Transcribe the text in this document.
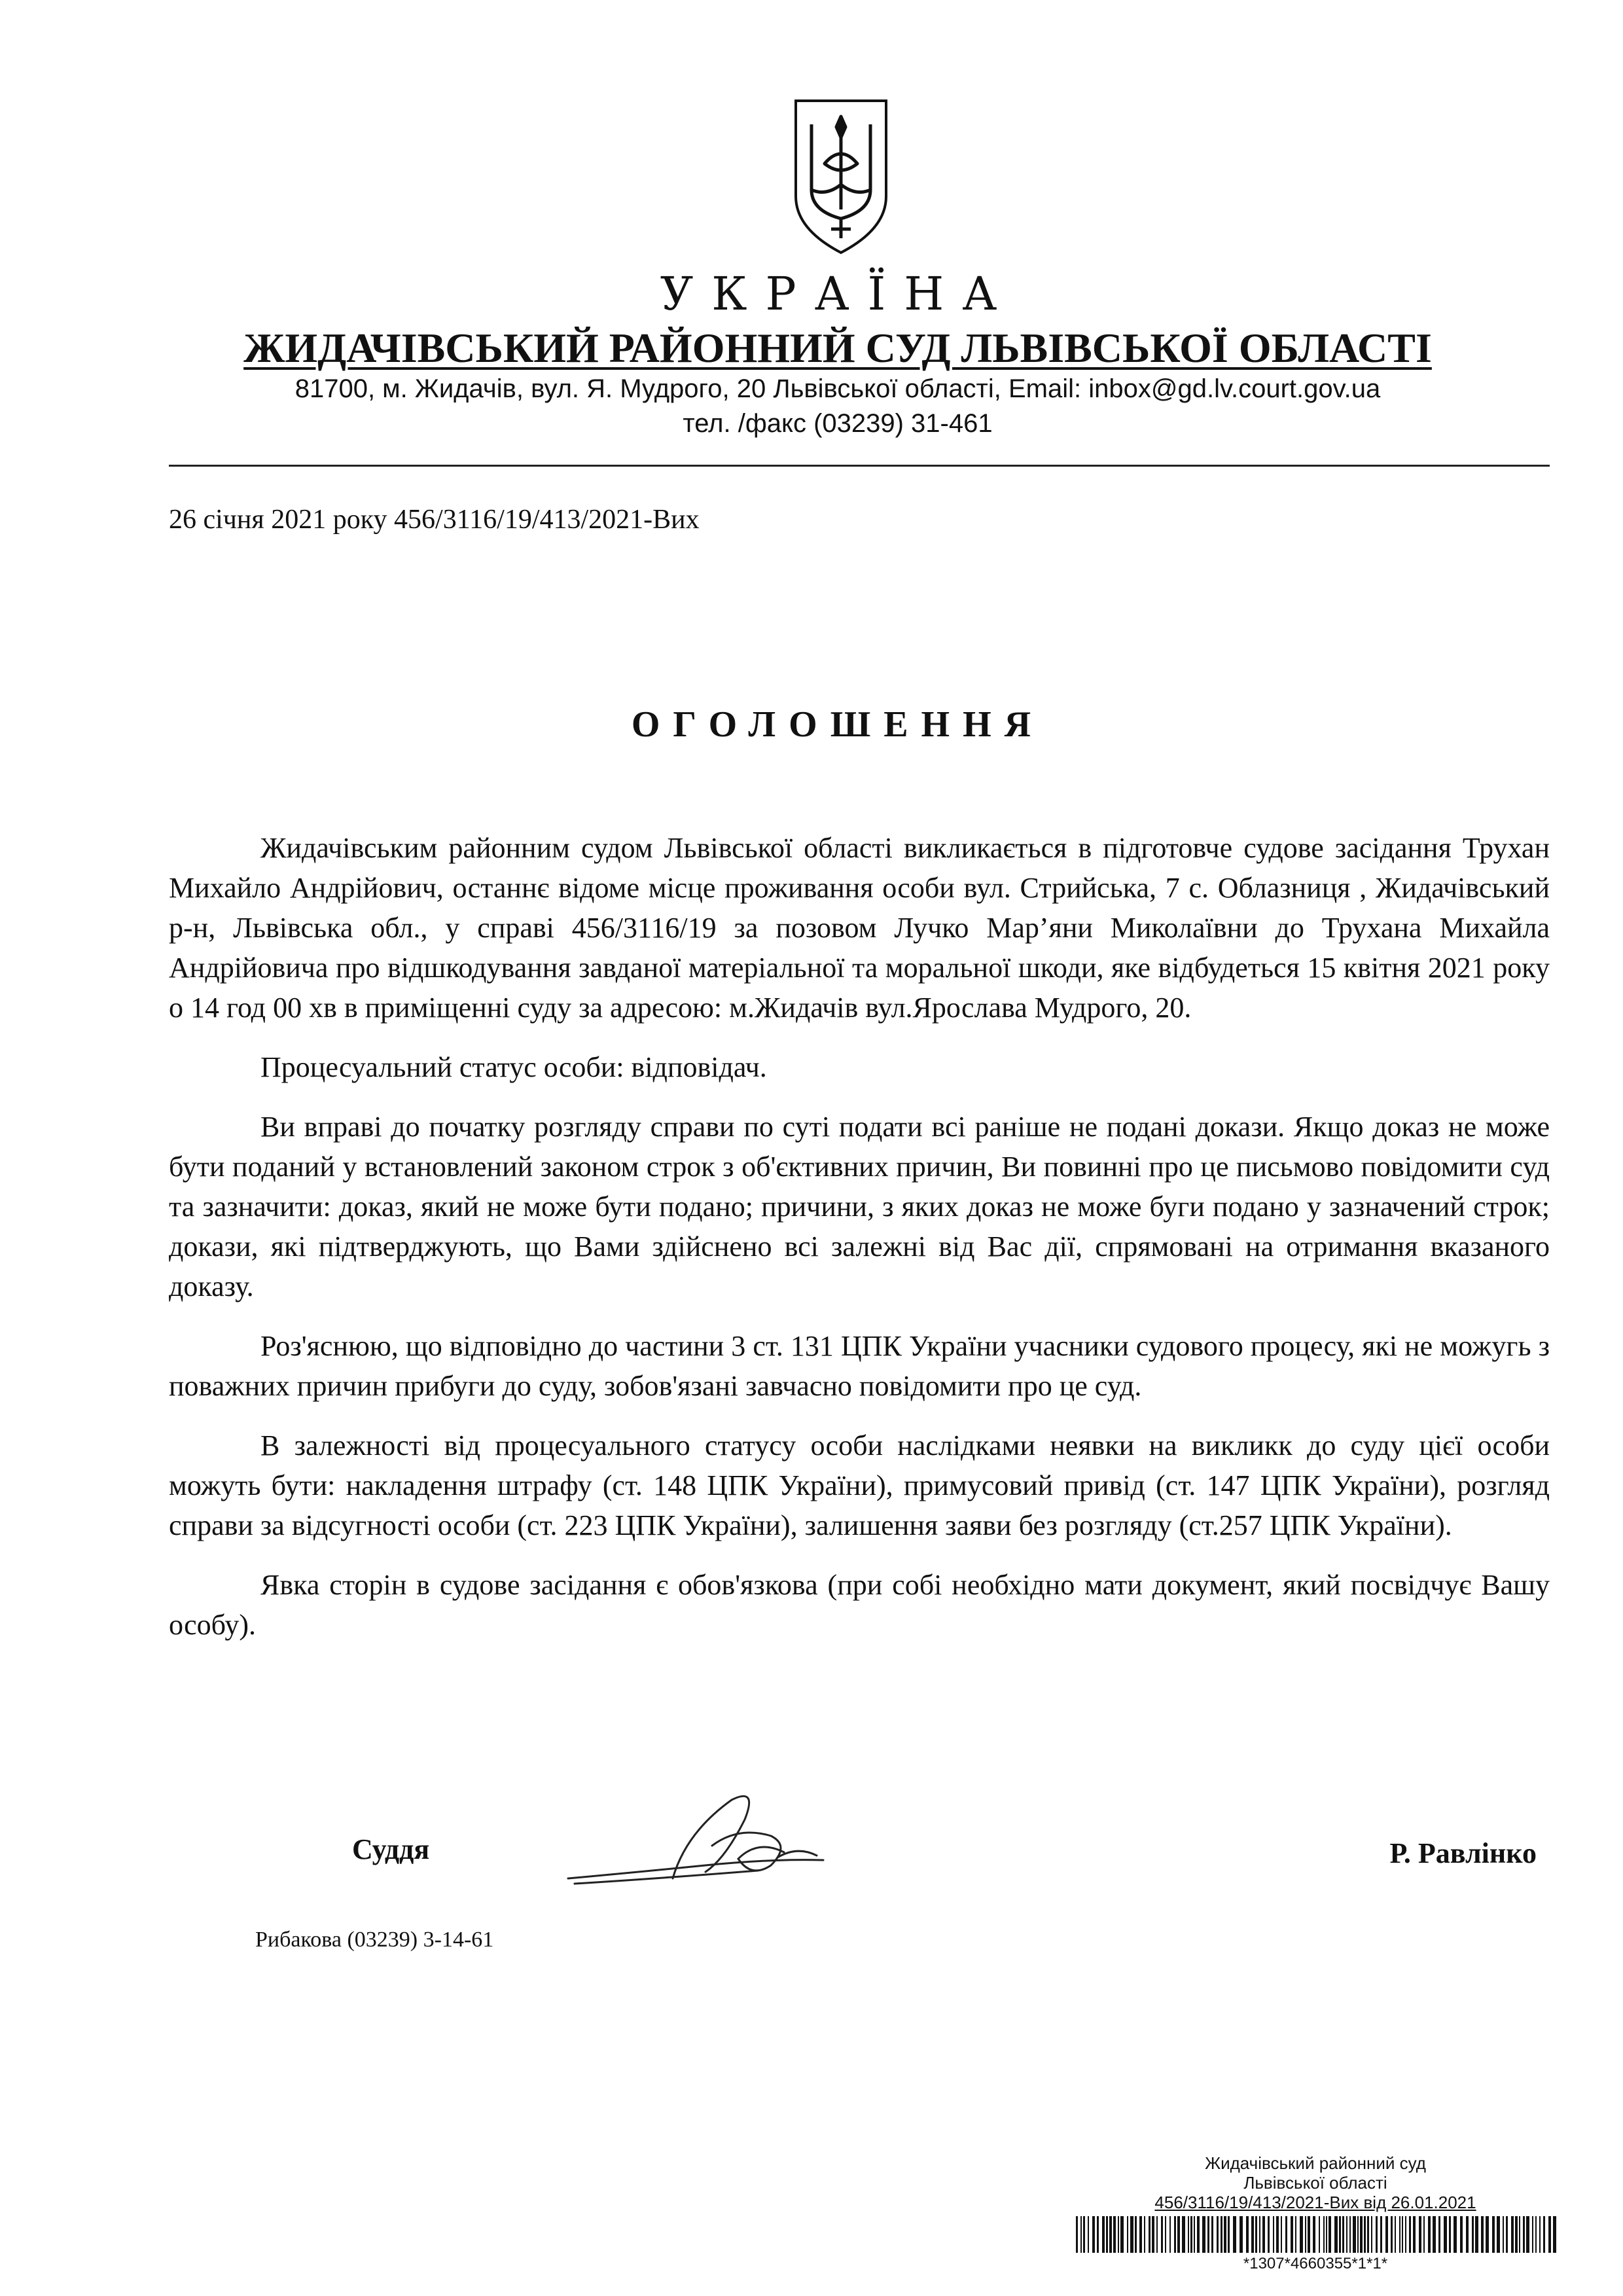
УКРАЇНА
ЖИДАЧІВСЬКИЙ РАЙОННИЙ СУД ЛЬВІВСЬКОЇ ОБЛАСТІ
81700, м. Жидачів, вул. Я. Мудрого, 20 Львівської області, Email: inbox@gd.lv.court.gov.ua
тел. /факс (03239) 31-461
26 січня 2021 року 456/3116/19/413/2021-Вих
ОГОЛОШЕННЯ

Жидачівським районним судом Львівської області викликається в підготовче судове засідання Трухан Михайло Андрійович, останнє відоме місце проживання особи вул. Стрийська, 7 с. Облазниця , Жидачівський р-н, Львівська обл., у справі 456/3116/19 за позовом Лучко Мар’яни Миколаївни до Трухана Михайла Андрійовича про відшкодування завданої матеріальної та моральної шкоди, яке відбудеться 15 квітня 2021 року о 14 год 00 хв в приміщенні суду за адресою: м.Жидачів вул.Ярослава Мудрого, 20.

Процесуальний статус особи: відповідач.

Ви вправі до початку розгляду справи по суті подати всі раніше не подані докази. Якщо доказ не може бути поданий у встановлений законом строк з об'єктивних причин, Ви повинні про це письмово повідомити суд та зазначити: доказ, який не може бути подано; причини, з яких доказ не може буги подано у зазначений строк; докази, які підтверджують, що Вами здійснено всі залежні від Вас дії, спрямовані на отримання вказаного доказу.

Роз'яснюю, що відповідно до частини 3 ст. 131 ЦПК України учасники судового процесу, які не можугь з поважних причин прибуги до суду, зобов'язані завчасно повідомити про це суд.

В залежності від процесуального статусу особи наслідками неявки на викликк до суду цієї особи можуть бути: накладення штрафу (ст. 148 ЦПК України), примусовий привід (ст. 147 ЦПК України), розгляд справи за відсугності особи (ст. 223 ЦПК України), залишення заяви без розгляду (ст.257 ЦПК України).

Явка сторін в судове засідання є обов'язкова (при собі необхідно мати документ, який посвідчує Вашу особу).

Суддя	Р. Равлінко
Рибакова (03239) 3-14-61
Жидачівський районний суд
Львівської області
456/3116/19/413/2021-Вих від 26.01.2021
*1307*4660355*1*1*
